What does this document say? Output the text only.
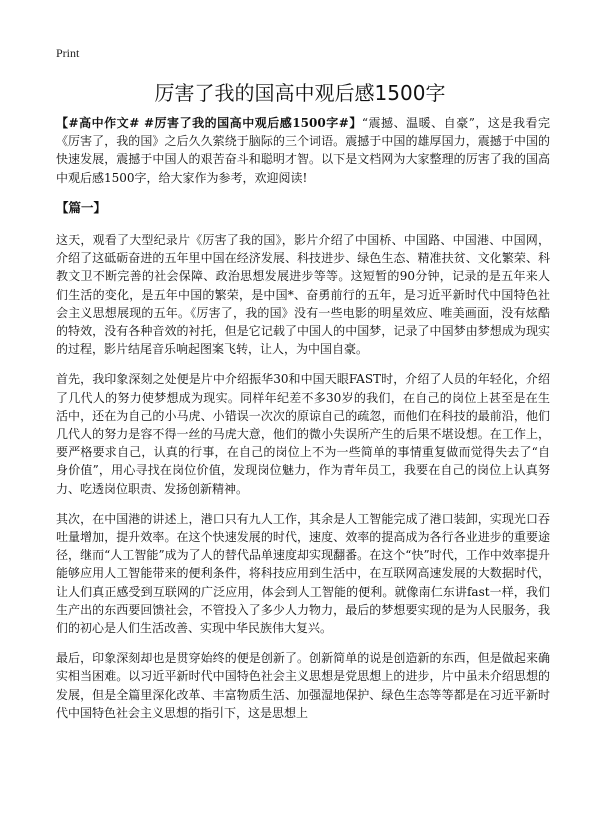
Print
厉害了我的国高中观后感1500字

【#高中作文# #厉害了我的国高中观后感1500字#】“震撼、温暖、自豪”，这是我看完《厉害了，我的国》之后久久萦绕于脑际的三个词语。震撼于中国的雄厚国力，震撼于中国的快速发展，震撼于中国人的艰苦奋斗和聪明才智。以下是文档网为大家整理的厉害了我的国高中观后感1500字，给大家作为参考，欢迎阅读!

【篇一】

这天，观看了大型纪录片《厉害了我的国》，影片介绍了中国桥、中国路、中国港、中国网，介绍了这砥砺奋进的五年里中国在经济发展、科技进步、绿色生态、精准扶贫、文化繁荣、科教文卫不断完善的社会保障、政治思想发展进步等等。这短暂的90分钟，记录的是五年来人们生活的变化，是五年中国的繁荣，是中国*、奋勇前行的五年，是习近平新时代中国特色社会主义思想展现的五年。《厉害了，我的国》没有一些电影的明星效应、唯美画面，没有炫酷的特效，没有各种音效的衬托，但是它记载了中国人的中国梦，记录了中国梦由梦想成为现实的过程，影片结尾音乐响起图案飞转，让人，为中国自豪。

首先，我印象深刻之处便是片中介绍振华30和中国天眼FAST时，介绍了人员的年轻化，介绍了几代人的努力使梦想成为现实。同样年纪差不多30岁的我们，在自己的岗位上甚至是在生活中，还在为自己的小马虎、小错误一次次的原谅自己的疏忽，而他们在科技的最前沿，他们几代人的努力是容不得一丝的马虎大意，他们的微小失误所产生的后果不堪设想。在工作上，要严格要求自己，认真的行事，在自己的岗位上不为一些简单的事情重复做而觉得失去了“自身价值”，用心寻找在岗位价值，发现岗位魅力，作为青年员工，我要在自己的岗位上认真努力、吃透岗位职责、发扬创新精神。

其次，在中国港的讲述上，港口只有九人工作，其余是人工智能完成了港口装卸，实现光口吞吐量增加，提升效率。在这个快速发展的时代，速度、效率的提高成为各行各业进步的重要途径，继而“人工智能”成为了人的替代品单速度却实现翻番。在这个“快”时代，工作中效率提升能够应用人工智能带来的便利条件，将科技应用到生活中，在互联网高速发展的大数据时代，让人们真正感受到互联网的广泛应用，体会到人工智能的便利。就像南仁东讲fast一样，我们生产出的东西要回馈社会，不管投入了多少人力物力，最后的梦想要实现的是为人民服务，我们的初心是人们生活改善、实现中华民族伟大复兴。

最后，印象深刻却也是贯穿始终的便是创新了。创新简单的说是创造新的东西，但是做起来确实相当困难。以习近平新时代中国特色社会主义思想是党思想上的进步，片中虽未介绍思想的发展，但是全篇里深化改革、丰富物质生活、加强湿地保护、绿色生态等等都是在习近平新时代中国特色社会主义思想的指引下，这是思想上
